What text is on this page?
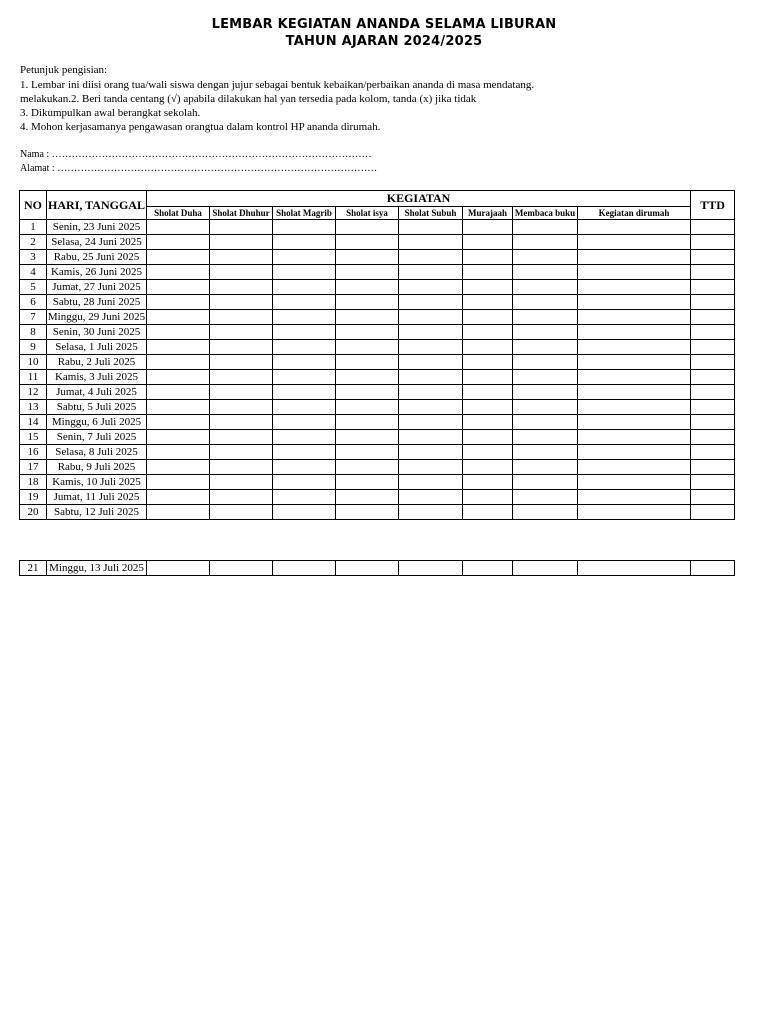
LEMBAR KEGIATAN ANANDA SELAMA LIBURAN
TAHUN AJARAN 2024/2025
Petunjuk pengisian:
1. Lembar ini diisi orang tua/wali siswa dengan jujur sebagai bentuk kebaikan/perbaikan ananda di masa mendatang.
melakukan.2. Beri tanda centang (√) apabila dilakukan hal yan tersedia pada kolom, tanda (x) jika tidak
3. Dikumpulkan awal berangkat sekolah.
4. Mohon kerjasamanya pengawasan orangtua dalam kontrol HP ananda dirumah.
Nama : ……………………………………………………………………………………
Alamat : ……………………………………………………………………………………
NO	HARI, TANGGAL	KEGIATAN								TTD
		Sholat Duha	Sholat Dhuhur	Sholat Magrib	Sholat isya	Sholat Subuh	Murajaah	Membaca buku	Kegiatan dirumah	
1	Senin, 23 Juni 2025									
2	Selasa, 24 Juni 2025									
3	Rabu, 25 Juni 2025									
4	Kamis, 26 Juni 2025									
5	Jumat, 27 Juni 2025									
6	Sabtu, 28 Juni 2025									
7	Minggu, 29 Juni 2025									
8	Senin, 30 Juni 2025									
9	Selasa, 1 Juli 2025									
10	Rabu, 2 Juli 2025									
11	Kamis, 3 Juli 2025									
12	Jumat, 4 Juli 2025									
13	Sabtu, 5 Juli 2025									
14	Minggu, 6 Juli 2025									
15	Senin, 7 Juli 2025									
16	Selasa, 8 Juli 2025									
17	Rabu, 9 Juli 2025									
18	Kamis, 10 Juli 2025									
19	Jumat, 11 Juli 2025									
20	Sabtu, 12 Juli 2025									
21	Minggu, 13 Juli 2025									
